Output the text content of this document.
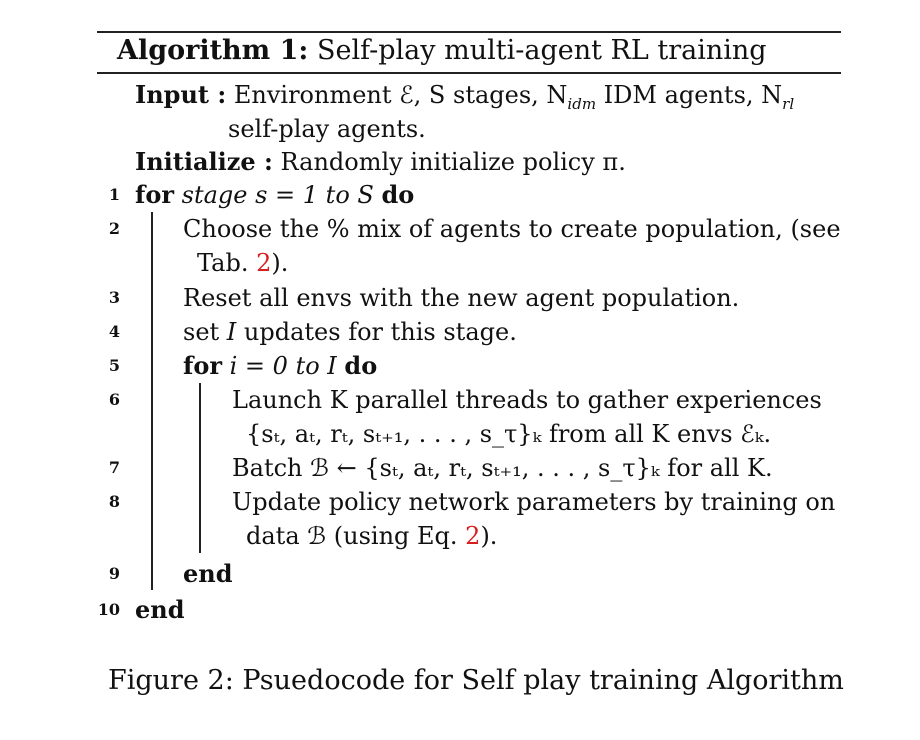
Algorithm 1: Self-play multi-agent RL training
Input : Environment ℰ, S stages, $N_{idm}$ IDM agents, $N_{rl}$
self-play agents.
Initialize : Randomly initialize policy π.
1 for stage s = 1 to S do
2	Choose the % mix of agents to create population, (see
Tab. 2).
3	Reset all envs with the new agent population.
4	set I updates for this stage.
5	for i = 0 to I do
6	Launch K parallel threads to gather experiences
{sₜ, aₜ, rₜ, sₜ₊₁, . . . , s_τ}ₖ from all K envs ℰₖ.
7	Batch ℬ ← {sₜ, aₜ, rₜ, sₜ₊₁, . . . , s_τ}ₖ for all K.
8	Update policy network parameters by training on
data ℬ (using Eq. 2).
9	end
10 end
Figure 2: Psuedocode for Self play training Algorithm
